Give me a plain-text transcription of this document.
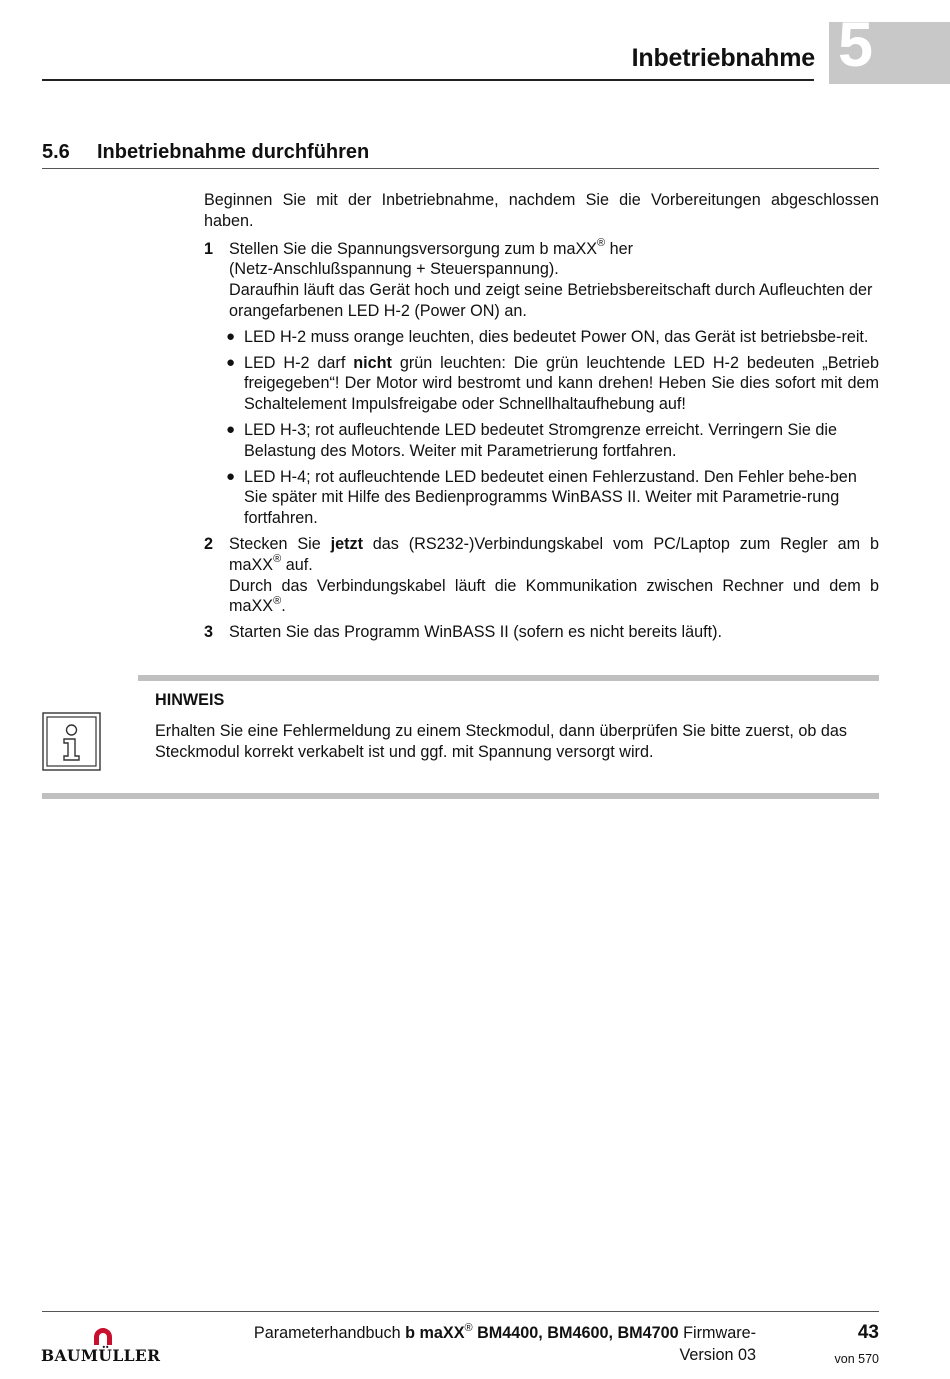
Inbetriebnahme 5
5.6 Inbetriebnahme durchführen

Beginnen Sie mit der Inbetriebnahme, nachdem Sie die Vorbereitungen abgeschlossen haben.

1 Stellen Sie die Spannungsversorgung zum b maXX® her
(Netz-Anschlußspannung + Steuerspannung).
Daraufhin läuft das Gerät hoch und zeigt seine Betriebsbereitschaft durch Aufleuchten der orangefarbenen LED H-2 (Power ON) an.
● LED H-2 muss orange leuchten, dies bedeutet Power ON, das Gerät ist betriebsbe-reit.
● LED H-2 darf nicht grün leuchten: Die grün leuchtende LED H-2 bedeuten „Betrieb freigegeben“! Der Motor wird bestromt und kann drehen! Heben Sie dies sofort mit dem Schaltelement Impulsfreigabe oder Schnellhaltaufhebung auf!
● LED H-3; rot aufleuchtende LED bedeutet Stromgrenze erreicht. Verringern Sie die Belastung des Motors. Weiter mit Parametrierung fortfahren.
● LED H-4; rot aufleuchtende LED bedeutet einen Fehlerzustand. Den Fehler behe-ben Sie später mit Hilfe des Bedienprogramms WinBASS II. Weiter mit Parametrie-rung fortfahren.
2 Stecken Sie jetzt das (RS232-)Verbindungskabel vom PC/Laptop zum Regler am b maXX® auf.
Durch das Verbindungskabel läuft die Kommunikation zwischen Rechner und dem b maXX®.
3 Starten Sie das Programm WinBASS II (sofern es nicht bereits läuft).
HINWEIS
Erhalten Sie eine Fehlermeldung zu einem Steckmodul, dann überprüfen Sie bitte zuerst, ob das Steckmodul korrekt verkabelt ist und ggf. mit Spannung versorgt wird.
BAUMÜLLER
Parameterhandbuch b maXX® BM4400, BM4600, BM4700 Firmware-
Version 03
43
von 570
